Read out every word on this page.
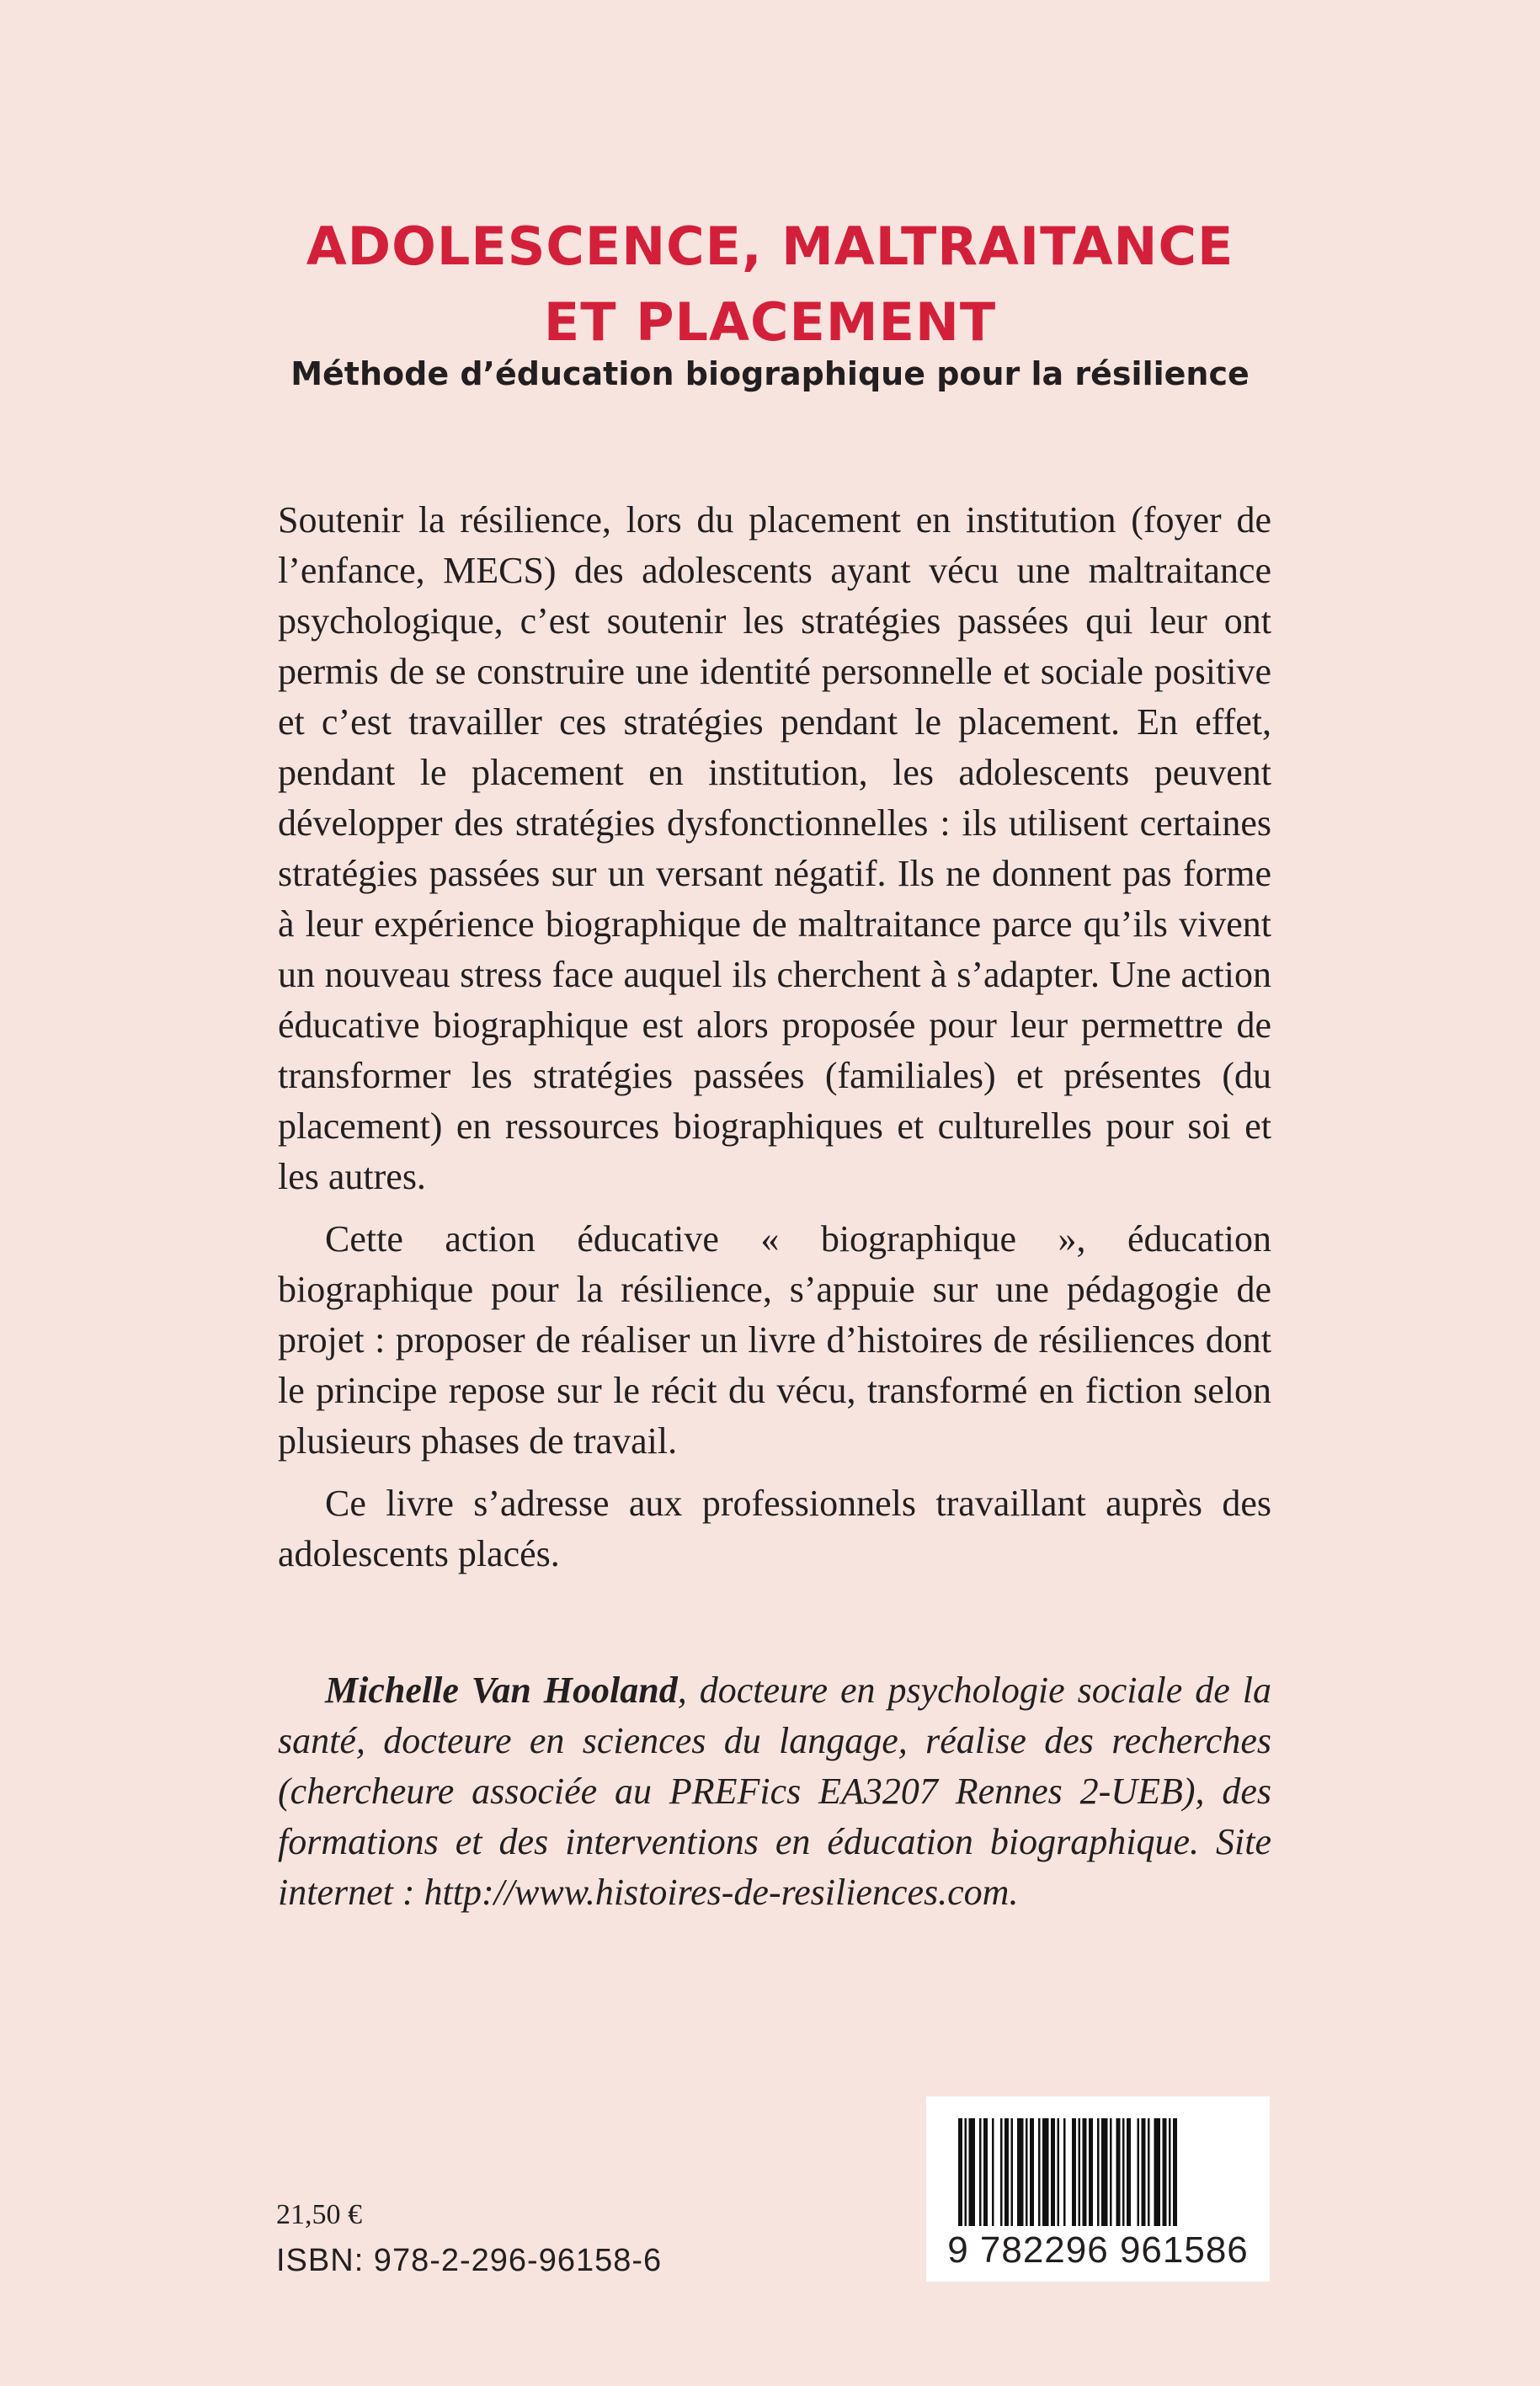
ADOLESCENCE, MALTRAITANCE
ET PLACEMENT
Méthode d’éducation biographique pour la résilience

Soutenir la résilience, lors du placement en institution (foyer de l’enfance, MECS) des adolescents ayant vécu une maltraitance psychologique, c’est soutenir les stratégies passées qui leur ont permis de se construire une identité personnelle et sociale positive et c’est travailler ces stratégies pendant le placement. En effet, pendant le placement en institution, les adolescents peuvent développer des stratégies dysfonctionnelles : ils utilisent certaines stratégies passées sur un versant négatif. Ils ne donnent pas forme à leur expérience biographique de maltraitance parce qu’ils vivent un nouveau stress face auquel ils cherchent à s’adapter. Une action éducative biographique est alors proposée pour leur permettre de transformer les stratégies passées (familiales) et présentes (du placement) en ressources biographiques et culturelles pour soi et les autres.

Cette action éducative « biographique », éducation biographique pour la résilience, s’appuie sur une pédagogie de projet : proposer de réaliser un livre d’histoires de résiliences dont le principe repose sur le récit du vécu, transformé en fiction selon plusieurs phases de travail.

Ce livre s’adresse aux professionnels travaillant auprès des adolescents placés.

Michelle Van Hooland, docteure en psychologie sociale de la santé, docteure en sciences du langage, réalise des recherches (chercheure associée au PREFics EA3207 Rennes 2-UEB), des formations et des interventions en éducation biographique. Site internet : http://www.histoires-de-resiliences.com.
21,50 €
ISBN: 978-2-296-96158-6	9 782296 961586
